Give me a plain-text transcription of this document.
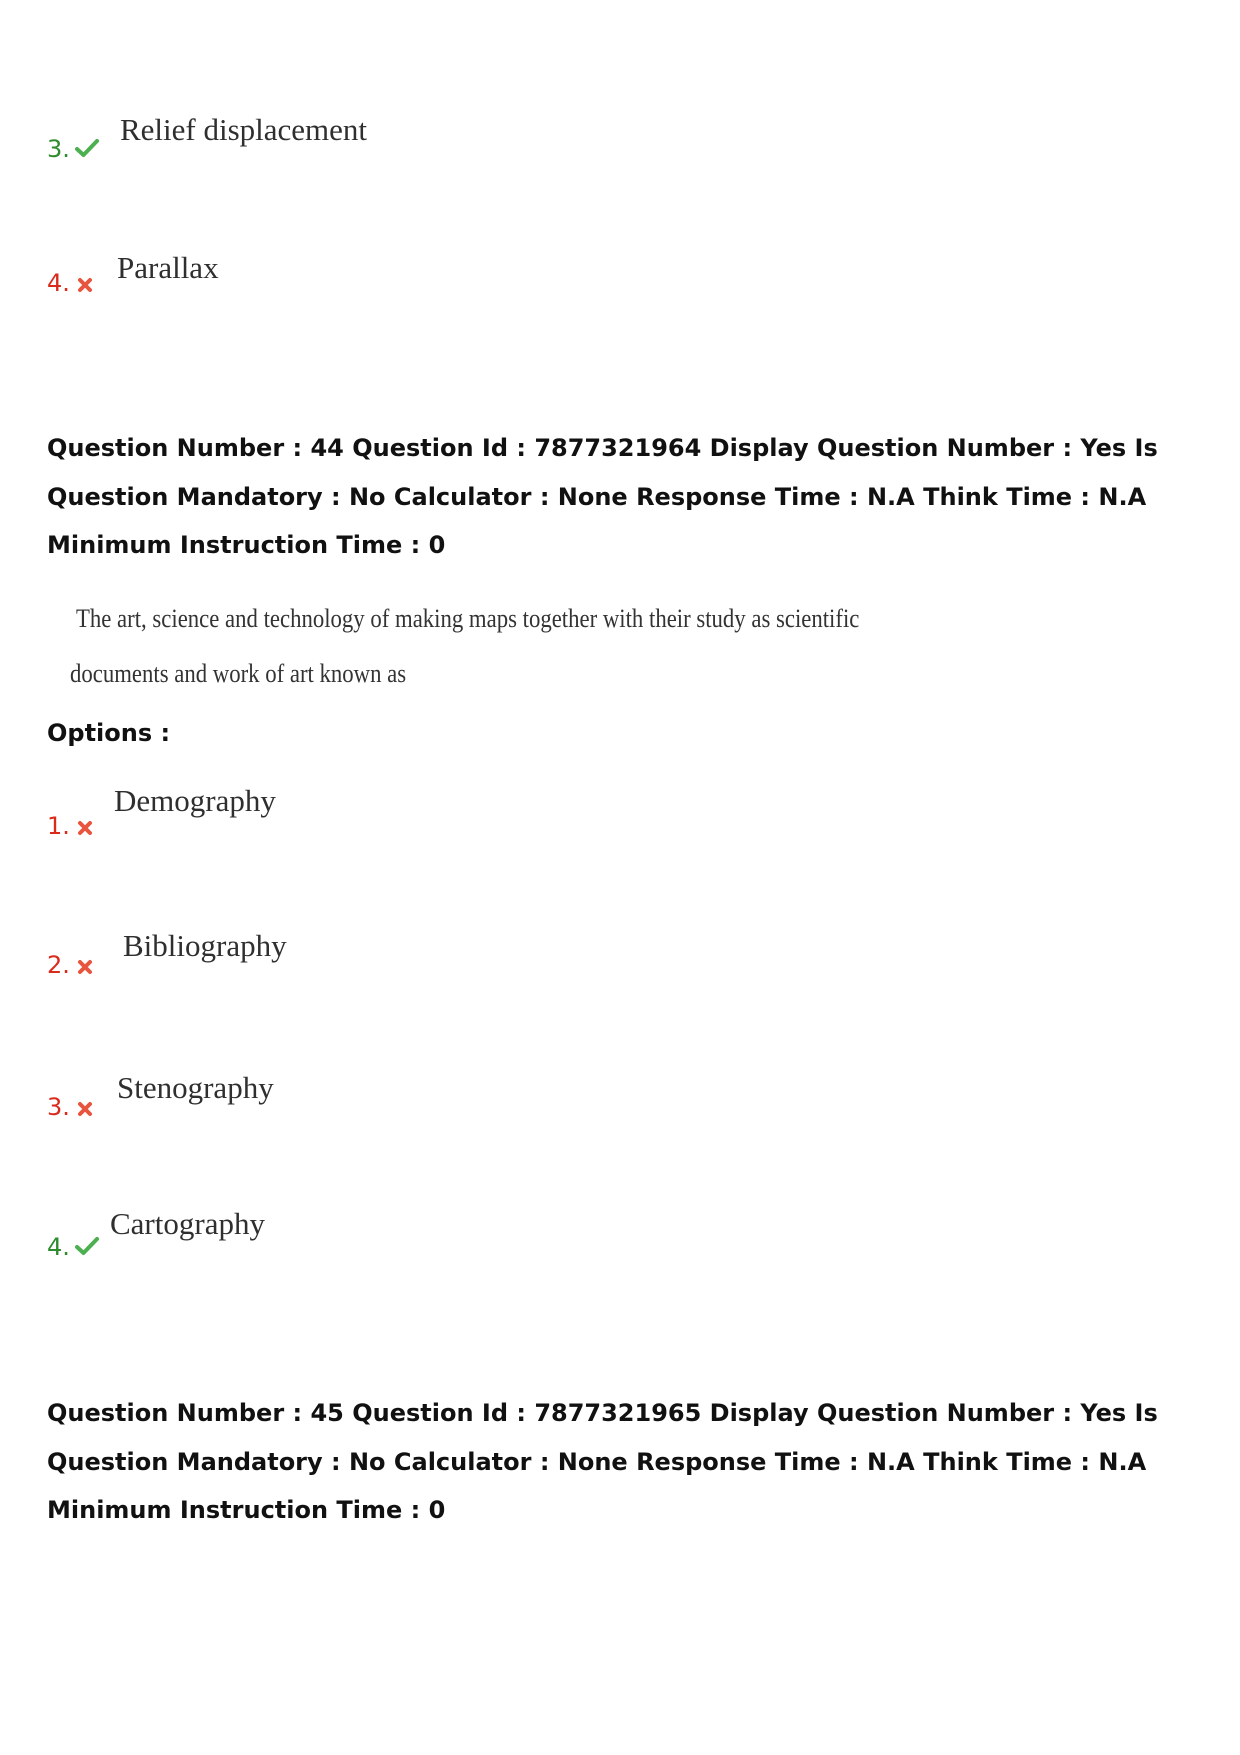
3.
Relief displacement
4. Parallax
Question Number : 44 Question Id : 7877321964 Display Question Number : Yes Is Question Mandatory : No Calculator : None Response Time : N.A Think Time : N.A Minimum Instruction Time : 0
The art, science and technology of making maps together with their study as scientific
documents and work of art known as
Options :
1.
Demography
2.
Bibliography
3.
Stenography
4.
Cartography
Question Number : 45 Question Id : 7877321965 Display Question Number : Yes Is Question Mandatory : No Calculator : None Response Time : N.A Think Time : N.A Minimum Instruction Time : 0
